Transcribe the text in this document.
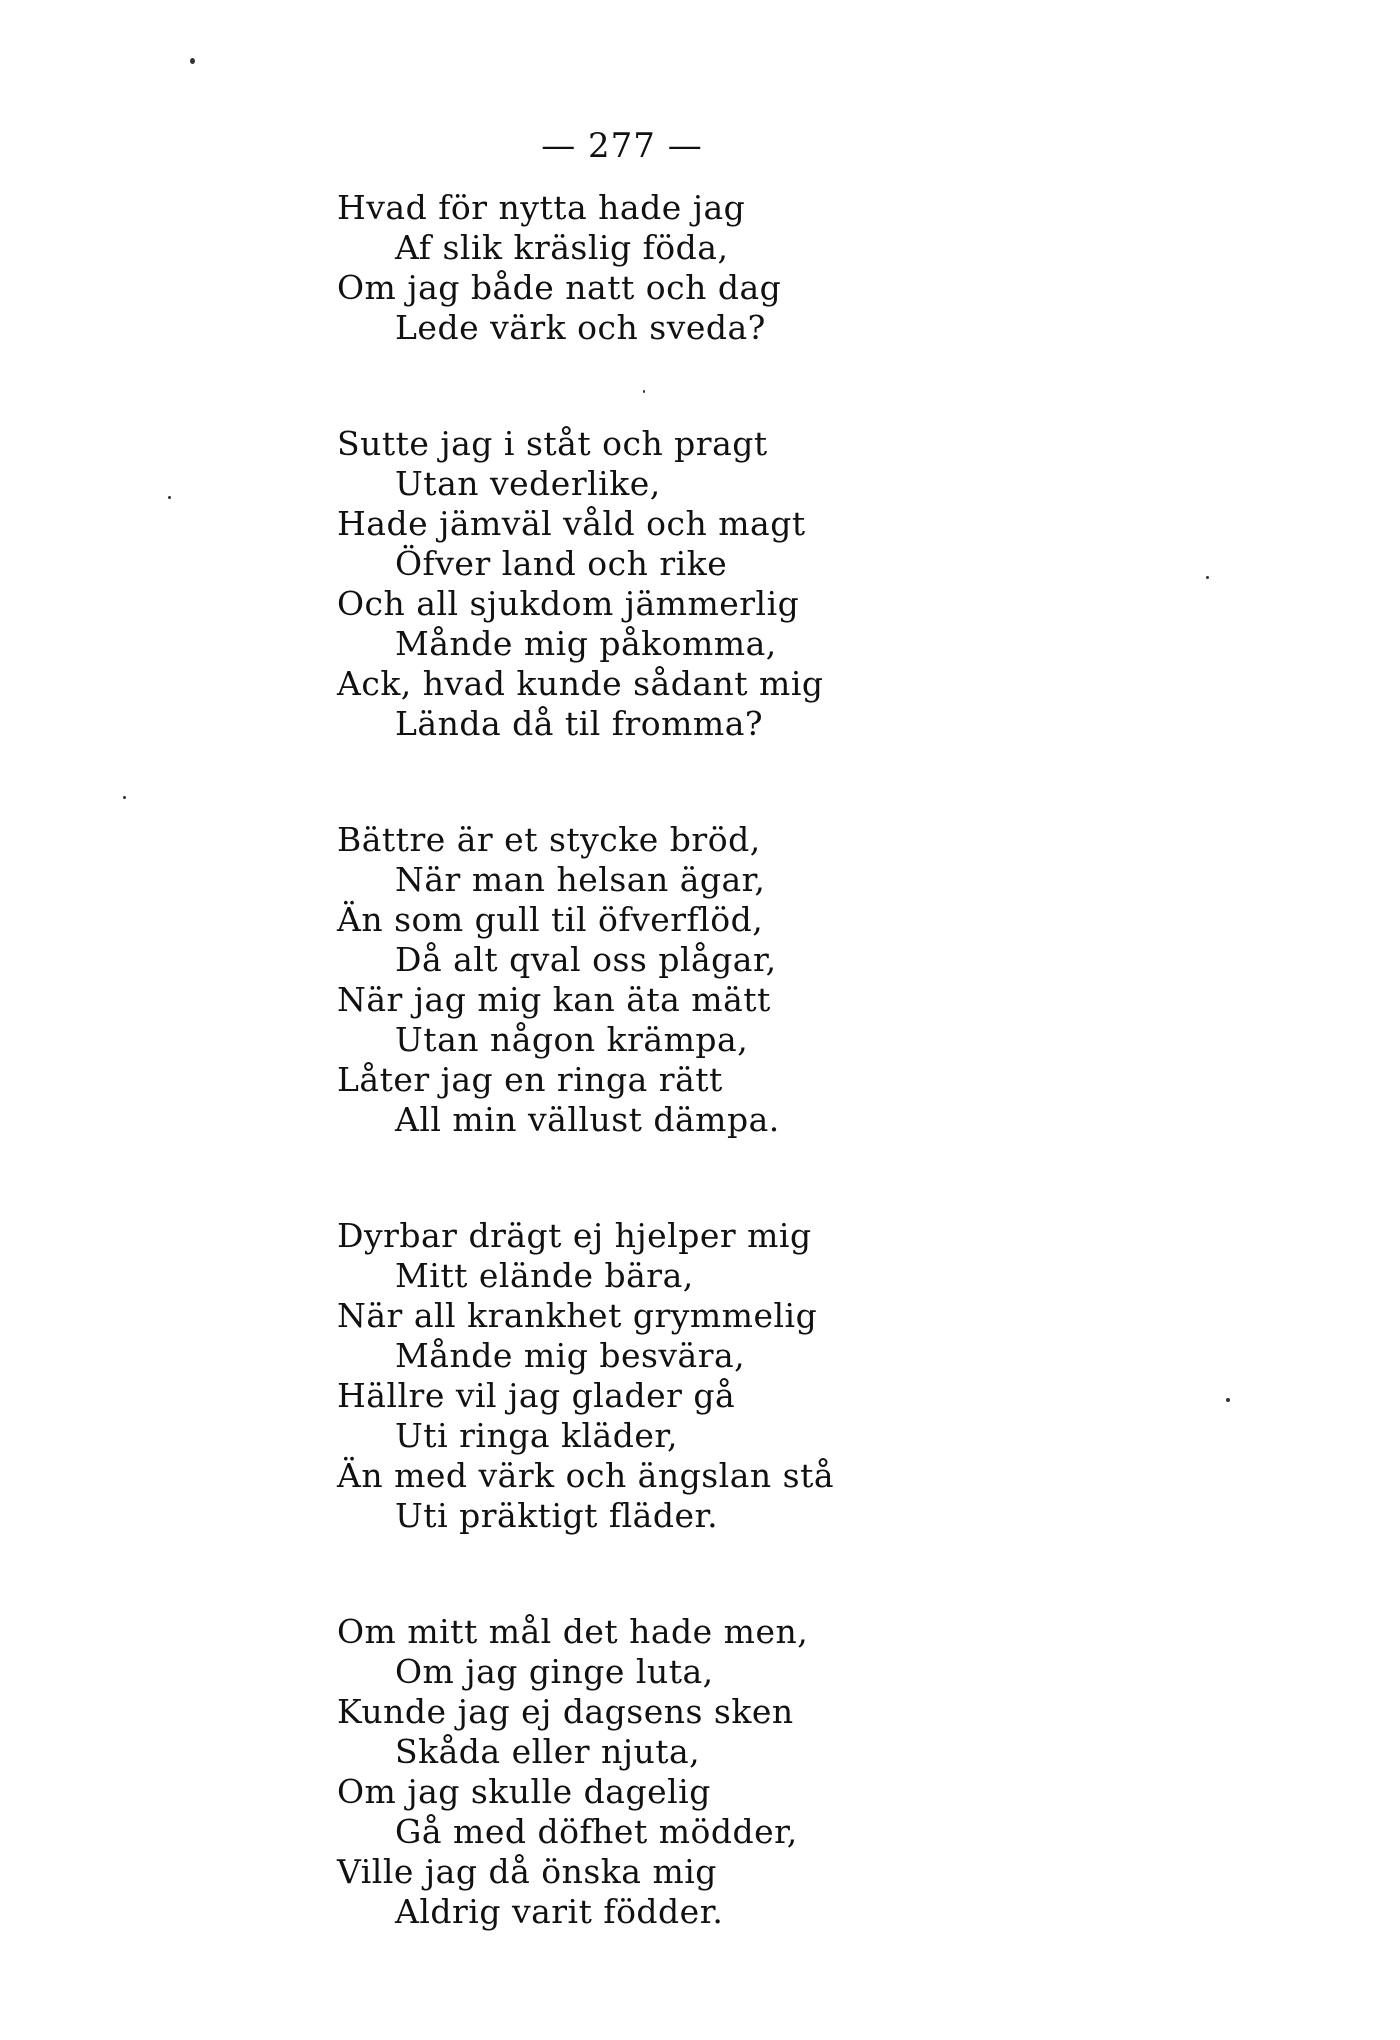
— 277 —
Hvad för nytta hade jag
Af slik kräslig föda,
Om jag både natt och dag
Lede värk och sveda?
Sutte jag i ståt och pragt
Utan vederlike,
Hade jämväl våld och magt
Öfver land och rike
Och all sjukdom jämmerlig
Månde mig påkomma,
Ack, hvad kunde sådant mig
Lända då til fromma?
Bättre är et stycke bröd,
När man helsan ägar,
Än som gull til öfverflöd,
Då alt qval oss plågar,
När jag mig kan äta mätt
Utan någon krämpa,
Låter jag en ringa rätt
All min vällust dämpa.
Dyrbar drägt ej hjelper mig
Mitt elände bära,
När all krankhet grymmelig
Månde mig besvära,
Hällre vil jag glader gå
Uti ringa kläder,
Än med värk och ängslan stå
Uti präktigt fläder.
Om mitt mål det hade men,
Om jag ginge luta,
Kunde jag ej dagsens sken
Skåda eller njuta,
Om jag skulle dagelig
Gå med döfhet mödder,
Ville jag då önska mig
Aldrig varit födder.
